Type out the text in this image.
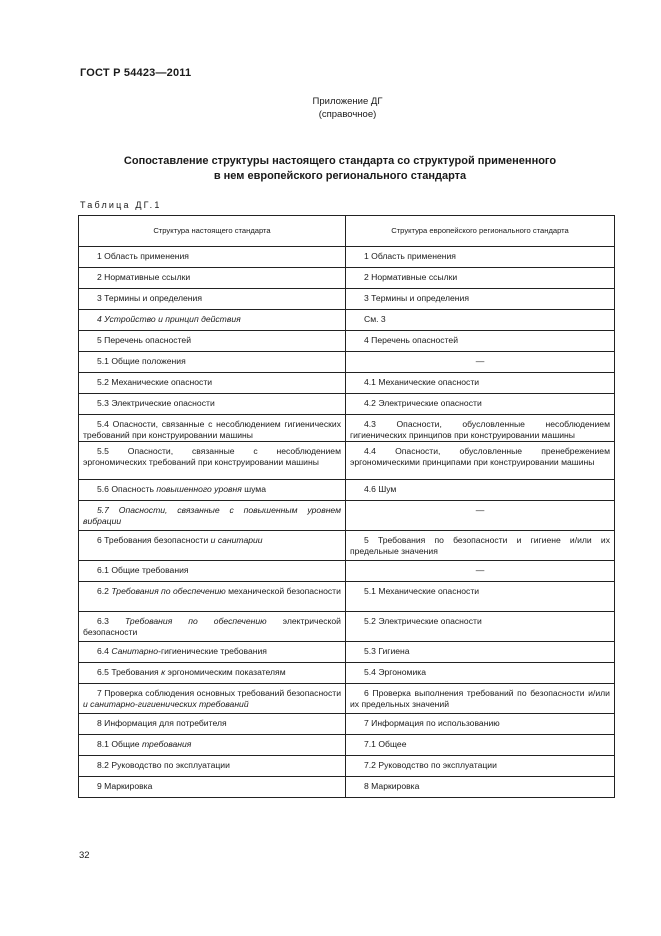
ГОСТ Р 54423—2011
Приложение ДГ
(справочное)
Сопоставление структуры настоящего стандарта со структурой примененного
в нем европейского регионального стандарта
Таблица ДГ.1
Структура настоящего стандарта	Структура европейского регионального стандарта

1 Область применения	1 Область применения

2 Нормативные ссылки	2 Нормативные ссылки

3 Термины и определения	3 Термины и определения

4 Устройство и принцип действия	См. 3

5 Перечень опасностей	4 Перечень опасностей

5.1 Общие положения	—

5.2 Механические опасности	4.1 Механические опасности

5.3 Электрические опасности	4.2 Электрические опасности

5.4 Опасности, связанные с несоблюдением гигиенических требований при конструировании машины	4.3 Опасности, обусловленные несоблюдением гигиенических принципов при конструировании машины

5.5 Опасности, связанные с несоблюдением эргономических требований при конструировании машины	4.4 Опасности, обусловленные пренебрежением эргономическими принципами при конструировании машины

5.6 Опасность повышенного уровня шума	4.6 Шум

5.7 Опасности, связанные с повышенным уровнем вибрации	—

6 Требования безопасности и санитарии	5 Требования по безопасности и гигиене и/или их предельные значения

6.1 Общие требования	—

6.2 Требования по обеспечению механической безопасности	5.1 Механические опасности

6.3 Требования по обеспечению электрической безопасности	5.2 Электрические опасности

6.4 Санитарно-гигиенические требования	5.3 Гигиена

6.5 Требования к эргономическим показателям	5.4 Эргономика

7 Проверка соблюдения основных требований безопасности и санитарно-гигиенических требований	6 Проверка выполнения требований по безопасности и/или их предельных значений

8 Информация для потребителя	7 Информация по использованию

8.1 Общие требования	7.1 Общее

8.2 Руководство по эксплуатации	7.2 Руководство по эксплуатации

9 Маркировка	8 Маркировка
32
